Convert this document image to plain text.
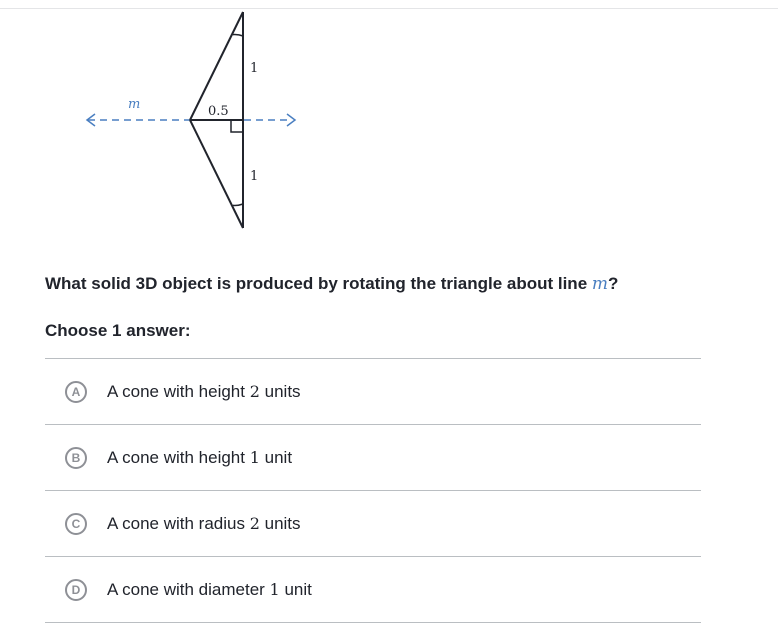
m	0.5
1
1
What solid 3D object is produced by rotating the triangle about line m?
Choose 1 answer:
A	A cone with height 2 units
B	A cone with height 1 unit
C	A cone with radius 2 units
D	A cone with diameter 1 unit
